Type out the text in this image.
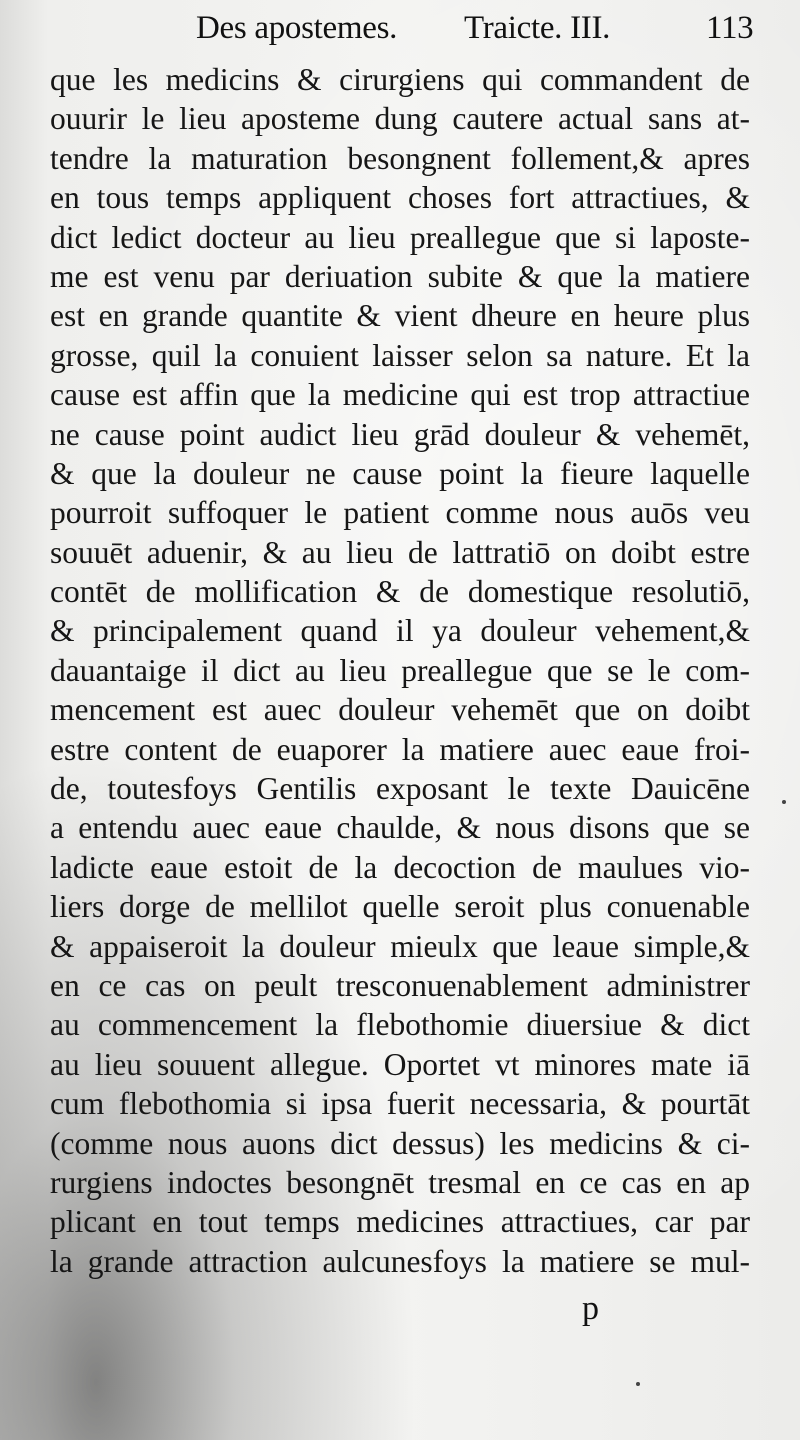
Des apostemes. Traicte. III.	113
que les medicins & cirurgiens qui commandent de
ouurir le lieu aposteme dung cautere actual sans at-
tendre la maturation besongnent follement,& apres
en tous temps appliquent choses fort attractiues, &
dict ledict docteur au lieu preallegue que si laposte-
me est venu par deriuation subite & que la matiere
est en grande quantite & vient dheure en heure plus
grosse, quil la conuient laisser selon sa nature. Et la
cause est affin que la medicine qui est trop attractiue
ne cause point audict lieu grād douleur & vehemēt,
& que la douleur ne cause point la fieure laquelle
pourroit suffoquer le patient comme nous auōs veu
souuēt aduenir, & au lieu de lattratiō on doibt estre
contēt de mollification & de domestique resolutiō,
& principalement quand il ya douleur vehement,&
dauantaige il dict au lieu preallegue que se le com-
mencement est auec douleur vehemēt que on doibt
estre content de euaporer la matiere auec eaue froi-
de, toutesfoys Gentilis exposant le texte Dauicēne
a entendu auec eaue chaulde, & nous disons que se
ladicte eaue estoit de la decoction de maulues vio-
liers dorge de mellilot quelle seroit plus conuenable
& appaiseroit la douleur mieulx que leaue simple,&
en ce cas on peult tresconuenablement administrer
au commencement la flebothomie diuersiue & dict
au lieu souuent allegue. Oportet vt minores mate iā
cum flebothomia si ipsa fuerit necessaria, & pourtāt
(comme nous auons dict dessus) les medicins & ci-
rurgiens indoctes besongnēt tresmal en ce cas en ap
plicant en tout temps medicines attractiues, car par
la grande attraction aulcunesfoys la matiere se mul-
p
